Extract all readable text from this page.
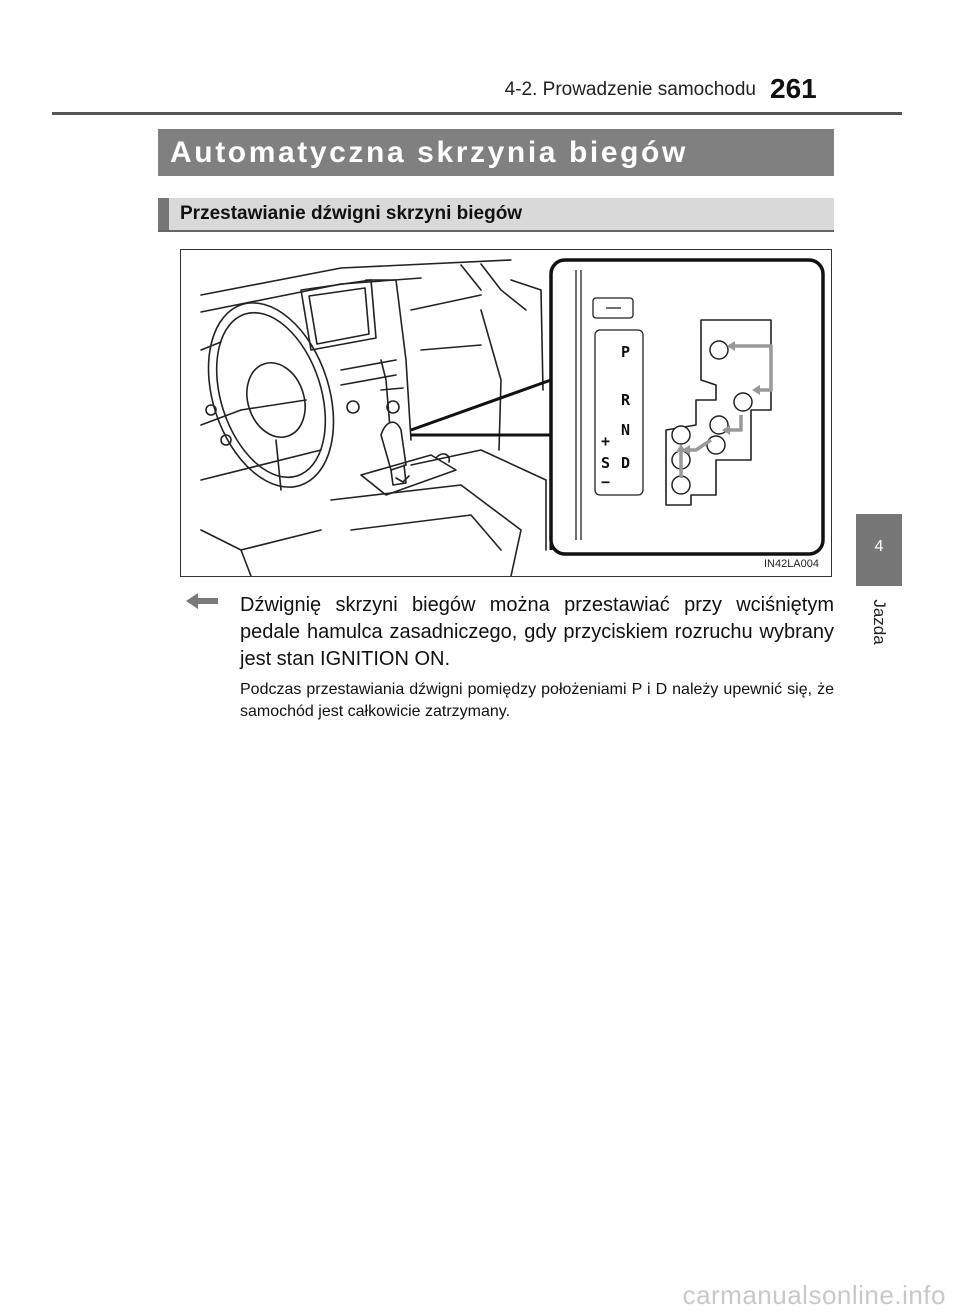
4-2. Prowadzenie samochodu 261
Automatyczna skrzynia biegów
Przestawianie dźwigni skrzyni biegów
P
R
N
D
S
+
−
IN42LA004
4
Jazda
Dźwignię skrzyni biegów można przestawiać przy wciśniętym pedale hamulca zasadniczego, gdy przyciskiem rozruchu wybrany jest stan IGNITION ON.
Podczas przestawiania dźwigni pomiędzy położeniami P i D należy upewnić się, że samochód jest całkowicie zatrzymany.
carmanualsonline.info
